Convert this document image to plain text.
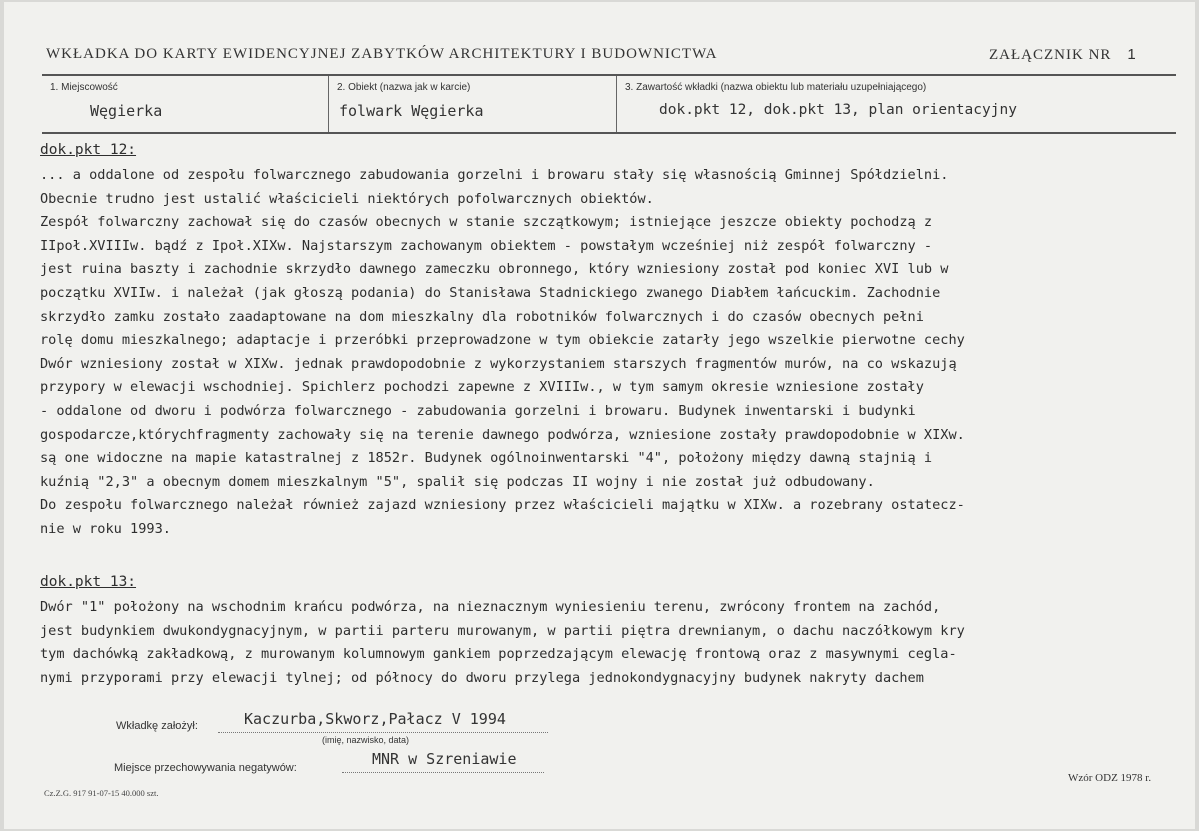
WKŁADKA DO KARTY EWIDENCYJNEJ ZABYTKÓW ARCHITEKTURY I BUDOWNICTWA	ZAŁĄCZNIK NR 1
1. Miejscowość
Węgierka
2. Obiekt (nazwa jak w karcie)
folwark Węgierka
3. Zawartość wkładki (nazwa obiektu lub materiału uzupełniającego)
dok.pkt 12, dok.pkt 13, plan orientacyjny
dok.pkt 12:
... a oddalone od zespołu folwarcznego zabudowania gorzelni i browaru stały się własnością Gminnej Spółdzielni.
Obecnie trudno jest ustalić właścicieli niektórych pofolwarcznych obiektów.
Zespół folwarczny zachował się do czasów obecnych w stanie szczątkowym; istniejące jeszcze obiekty pochodzą z
IIpoł.XVIIIw. bądź z Ipoł.XIXw. Najstarszym zachowanym obiektem - powstałym wcześniej niż zespół folwarczny -
jest ruina baszty i zachodnie skrzydło dawnego zameczku obronnego, który wzniesiony został pod koniec XVI lub w
początku XVIIw. i należał (jak głoszą podania) do Stanisława Stadnickiego zwanego Diabłem łańcuckim. Zachodnie
skrzydło zamku zostało zaadaptowane na dom mieszkalny dla robotników folwarcznych i do czasów obecnych pełni
rolę domu mieszkalnego; adaptacje i przeróbki przeprowadzone w tym obiekcie zatarły jego wszelkie pierwotne cechy
Dwór wzniesiony został w XIXw. jednak prawdopodobnie z wykorzystaniem starszych fragmentów murów, na co wskazują
przypory w elewacji wschodniej. Spichlerz pochodzi zapewne z XVIIIw., w tym samym okresie wzniesione zostały
- oddalone od dworu i podwórza folwarcznego - zabudowania gorzelni i browaru. Budynek inwentarski i budynki
gospodarcze,którychfragmenty zachowały się na terenie dawnego podwórza, wzniesione zostały prawdopodobnie w XIXw.
są one widoczne na mapie katastralnej z 1852r. Budynek ogólnoinwentarski "4", położony między dawną stajnią i
kuźnią "2,3" a obecnym domem mieszkalnym "5", spalił się podczas II wojny i nie został już odbudowany.
Do zespołu folwarcznego należał również zajazd wzniesiony przez właścicieli majątku w XIXw. a rozebrany ostatecz-
nie w roku 1993.
dok.pkt 13:
Dwór "1" położony na wschodnim krańcu podwórza, na nieznacznym wyniesieniu terenu, zwrócony frontem na zachód,
jest budynkiem dwukondygnacyjnym, w partii parteru murowanym, w partii piętra drewnianym, o dachu naczółkowym kry
tym dachówką zakładkową, z murowanym kolumnowym gankiem poprzedzającym elewację frontową oraz z masywnymi cegla-
nymi przyporami przy elewacji tylnej; od północy do dworu przylega jednokondygnacyjny budynek nakryty dachem
Wkładkę założył:	Kaczurba,Skworz,Pałacz V 1994
(imię, nazwisko, data)
Miejsce przechowywania negatywów:	MNR w Szreniawie
Cz.Z.G. 917 91-07-15 40.000 szt.
Wzór ODZ 1978 r.
